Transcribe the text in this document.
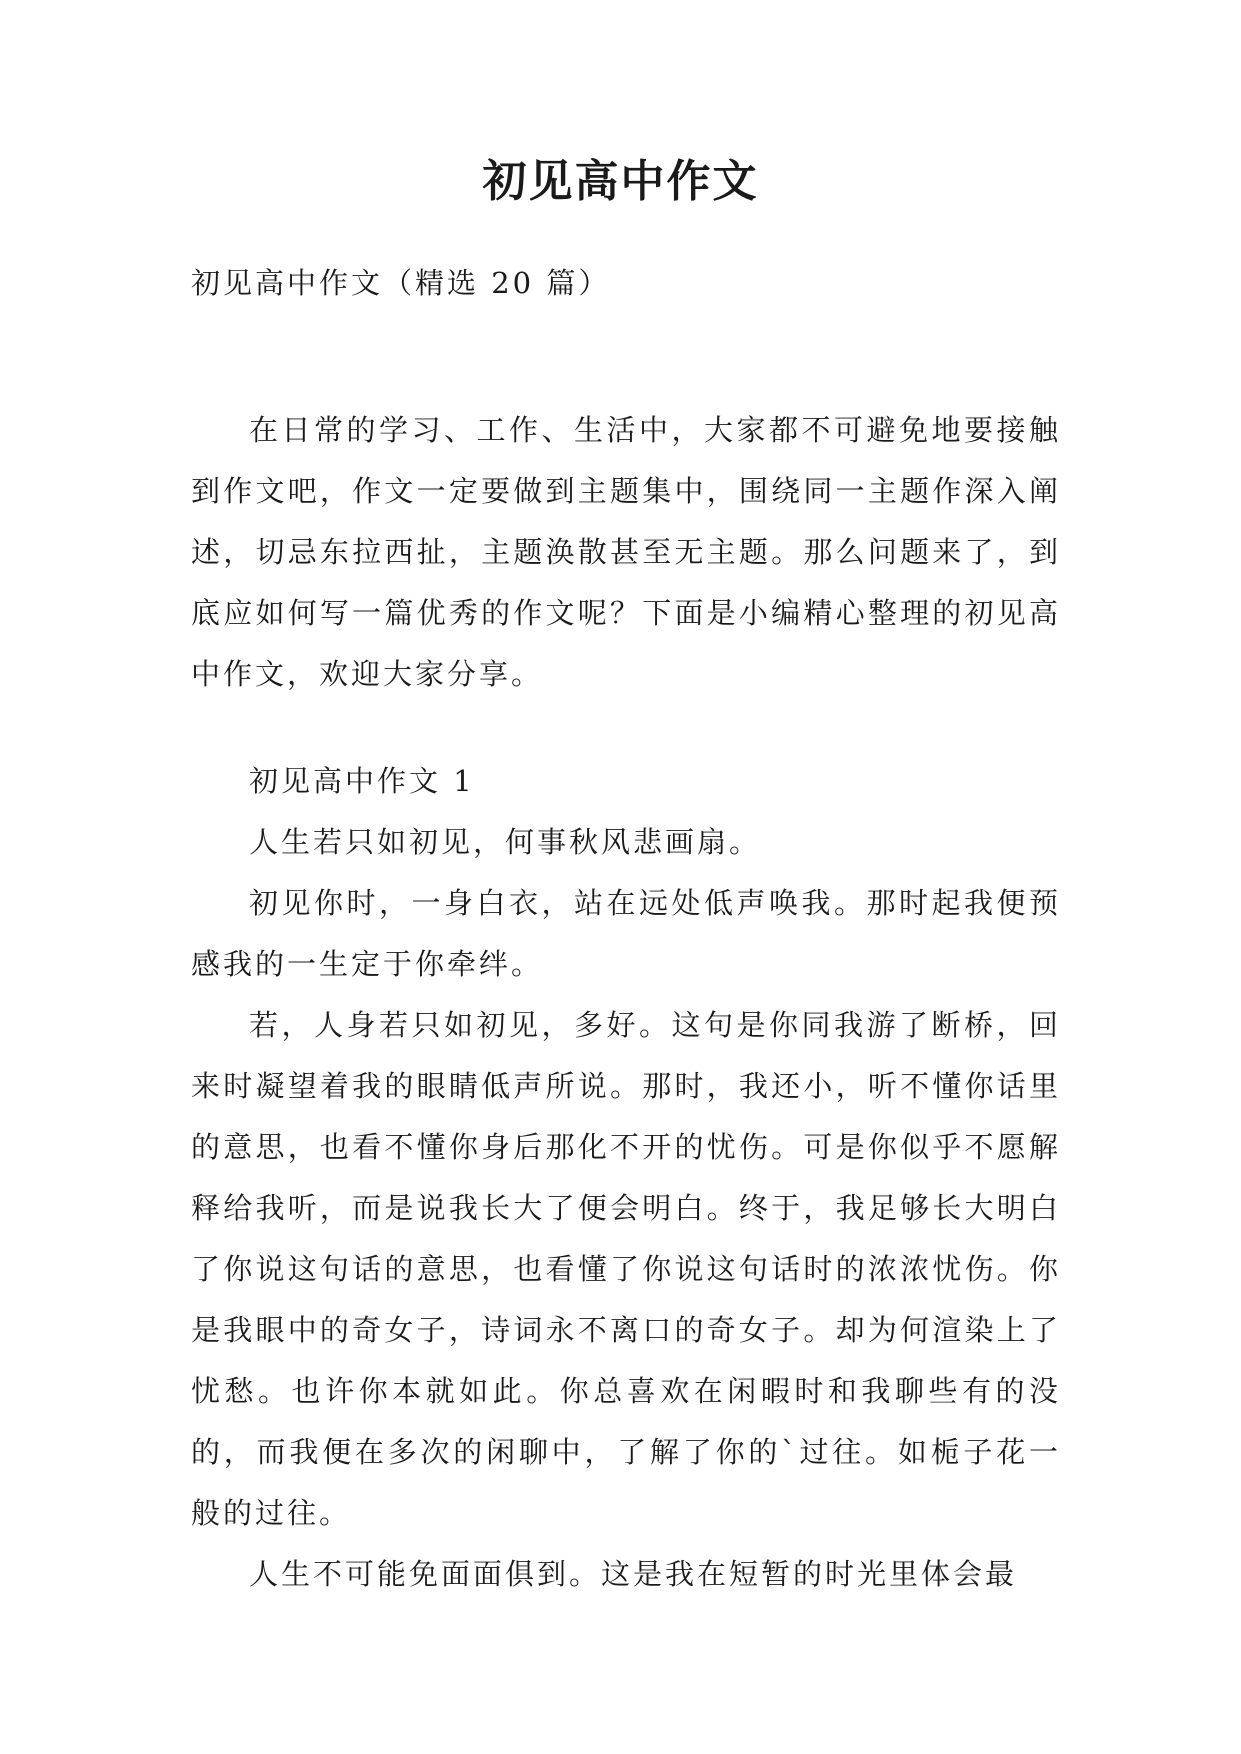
初见高中作文
初见高中作文（精选 20 篇）

在日常的学习、工作、生活中，大家都不可避免地要接触到作文吧，作文一定要做到主题集中，围绕同一主题作深入阐述，切忌东拉西扯，主题涣散甚至无主题。那么问题来了，到底应如何写一篇优秀的作文呢？下面是小编精心整理的初见高中作文，欢迎大家分享。

初见高中作文 1

人生若只如初见，何事秋风悲画扇。

初见你时，一身白衣，站在远处低声唤我。那时起我便预感我的一生定于你牵绊。

若，人身若只如初见，多好。这句是你同我游了断桥，回来时凝望着我的眼睛低声所说。那时，我还小，听不懂你话里的意思，也看不懂你身后那化不开的忧伤。可是你似乎不愿解释给我听，而是说我长大了便会明白。终于，我足够长大明白了你说这句话的意思，也看懂了你说这句话时的浓浓忧伤。你是我眼中的奇女子，诗词永不离口的奇女子。却为何渲染上了忧愁。也许你本就如此。你总喜欢在闲暇时和我聊些有的没的，而我便在多次的闲聊中，了解了你的`过往。如栀子花一般的过往。

人生不可能免面面俱到。这是我在短暂的时光里体会最
